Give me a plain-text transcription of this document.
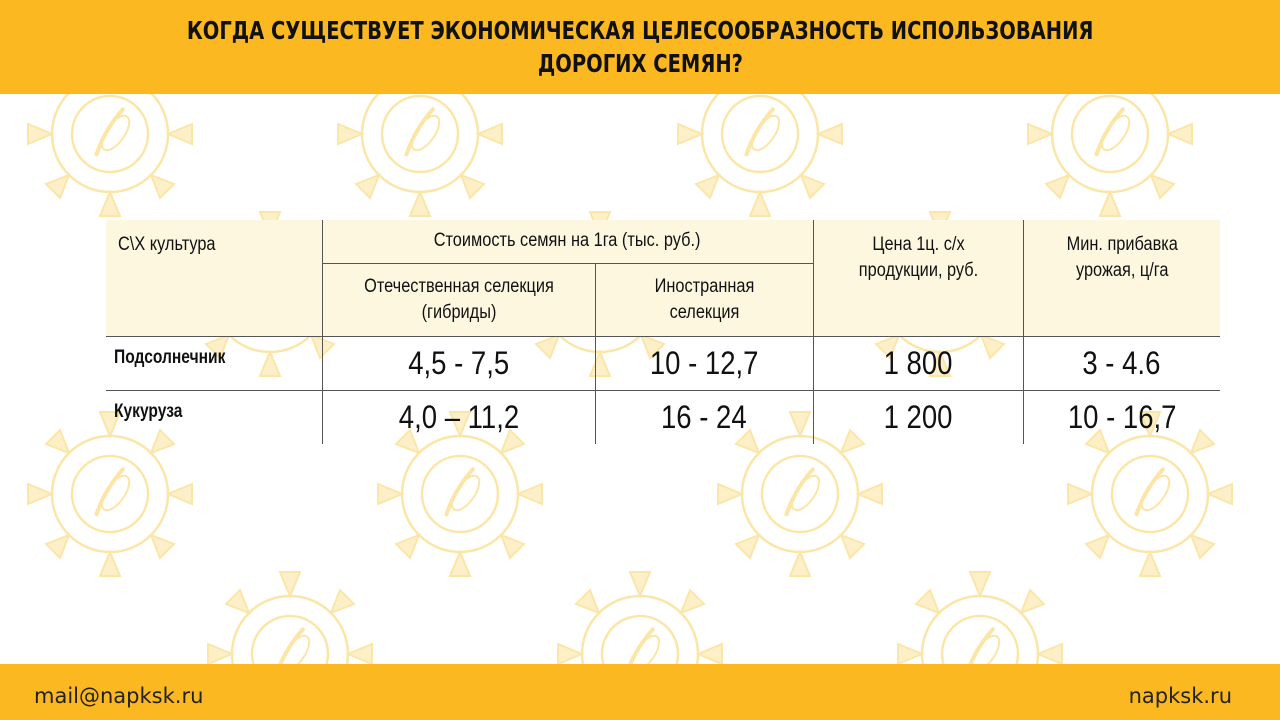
КОГДА СУЩЕСТВУЕТ ЭКОНОМИЧЕСКАЯ ЦЕЛЕСООБРАЗНОСТЬ ИСПОЛЬЗОВАНИЯ
ДОРОГИХ СЕМЯН?
С\Х культура	Стоимость семян на 1га (тыс. руб.)		Цена 1ц. с/х продукции, руб.	Мин. прибавка урожая, ц/га
	Отечественная селекция (гибриды)	Иностранная селекция		
Подсолнечник	4,5 - 7,5	10 - 12,7	1 800	3 - 4.6
Кукуруза	4,0 – 11,2	16 - 24	1 200	10 - 16,7
mail@napksk.ru	napksk.ru
